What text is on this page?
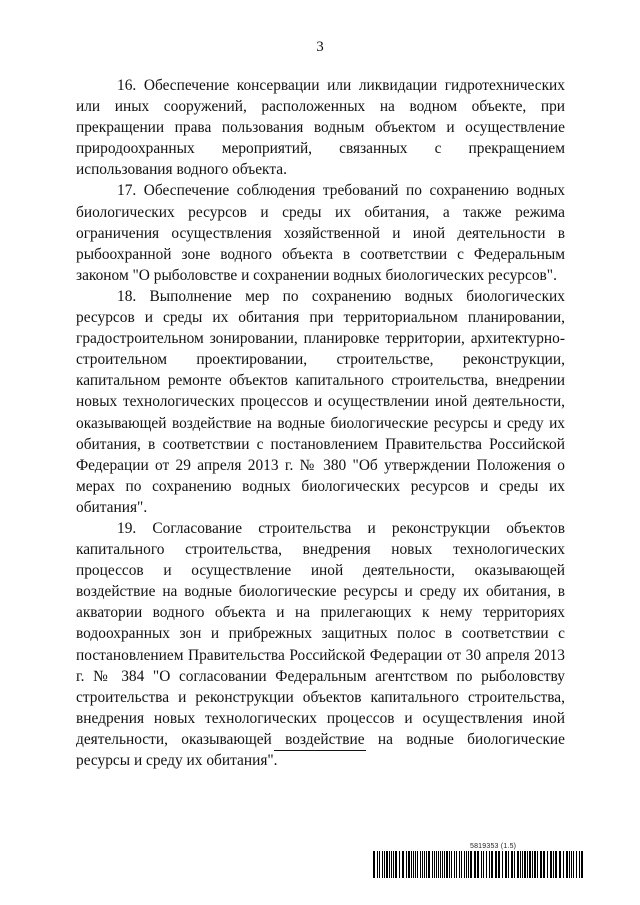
3

16. Обеспечение консервации или ликвидации гидротехнических или иных сооружений, расположенных на водном объекте, при прекращении права пользования водным объектом и осуществление природоохранных мероприятий, связанных с прекращением использования водного объекта.

17. Обеспечение соблюдения требований по сохранению водных биологических ресурсов и среды их обитания, а также режима ограничения осуществления хозяйственной и иной деятельности в рыбоохранной зоне водного объекта в соответствии с Федеральным законом "О рыболовстве и сохранении водных биологических ресурсов".

18. Выполнение мер по сохранению водных биологических ресурсов и среды их обитания при территориальном планировании, градостроительном зонировании, планировке территории, архитектурно-строительном проектировании, строительстве, реконструкции, капитальном ремонте объектов капитального строительства, внедрении новых технологических процессов и осуществлении иной деятельности, оказывающей воздействие на водные биологические ресурсы и среду их обитания, в соответствии с постановлением Правительства Российской Федерации от 29 апреля 2013 г. № 380 "Об утверждении Положения о мерах по сохранению водных биологических ресурсов и среды их обитания".

19. Согласование строительства и реконструкции объектов капитального строительства, внедрения новых технологических процессов и осуществление иной деятельности, оказывающей воздействие на водные биологические ресурсы и среду их обитания, в акватории водного объекта и на прилегающих к нему территориях водоохранных зон и прибрежных защитных полос в соответствии с постановлением Правительства Российской Федерации от 30 апреля 2013 г. № 384 "О согласовании Федеральным агентством по рыболовству строительства и реконструкции объектов капитального строительства, внедрения новых технологических процессов и осуществления иной деятельности, оказывающей воздействие на водные биологические ресурсы и среду их обитания".

5819353 (1.5)
